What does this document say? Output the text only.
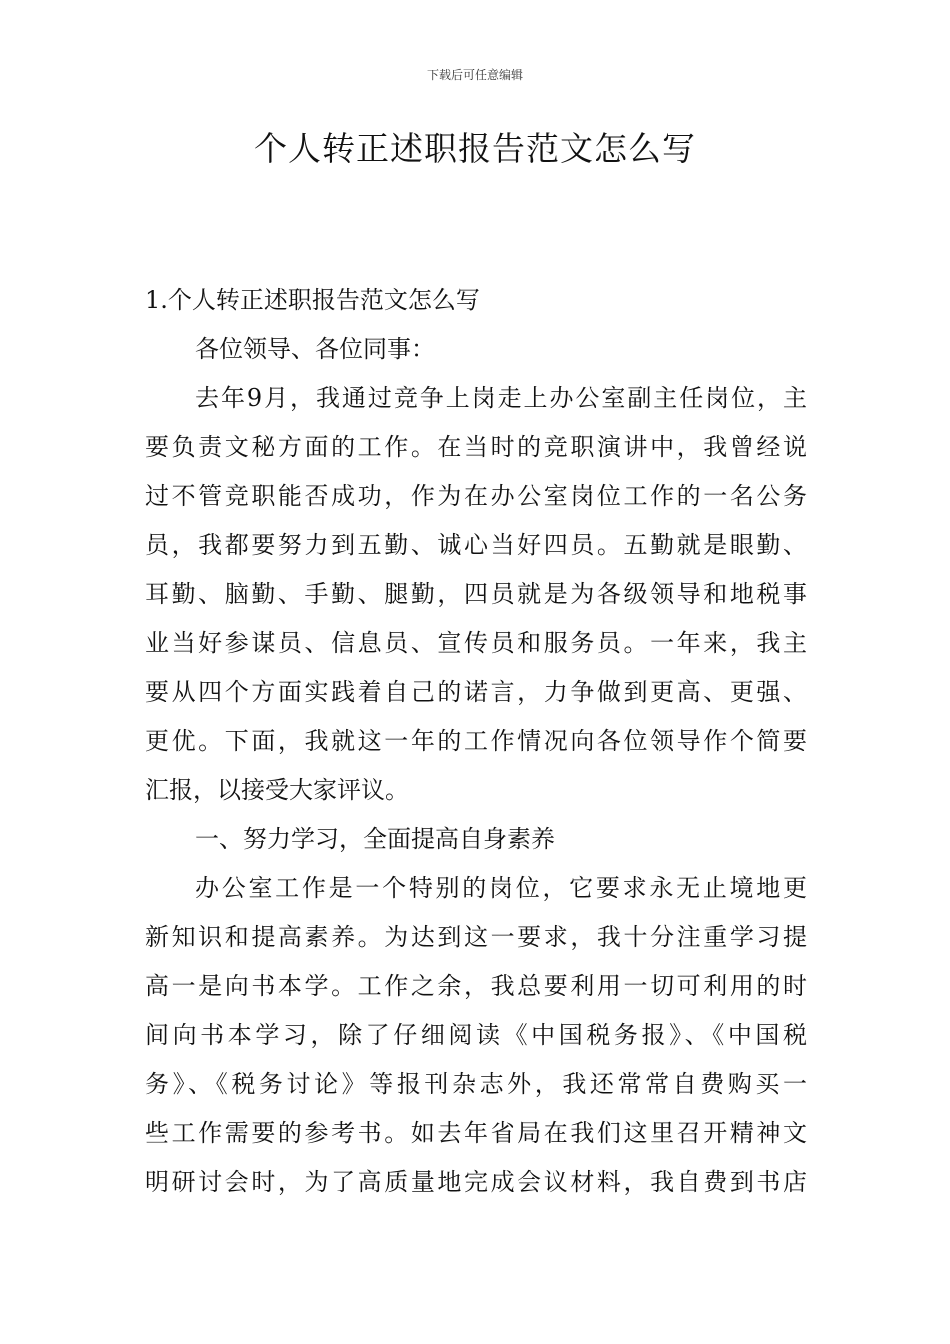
下载后可任意编辑
个人转正述职报告范文怎么写
1.个人转正述职报告范文怎么写
各位领导、各位同事：
去年9月，我通过竞争上岗走上办公室副主任岗位，主
要负责文秘方面的工作。在当时的竞职演讲中，我曾经说
过不管竞职能否成功，作为在办公室岗位工作的一名公务
员，我都要努力到五勤、诚心当好四员。五勤就是眼勤、
耳勤、脑勤、手勤、腿勤，四员就是为各级领导和地税事
业当好参谋员、信息员、宣传员和服务员。一年来，我主
要从四个方面实践着自己的诺言，力争做到更高、更强、
更优。下面，我就这一年的工作情况向各位领导作个简要
汇报，以接受大家评议。
一、努力学习，全面提高自身素养
办公室工作是一个特别的岗位，它要求永无止境地更
新知识和提高素养。为达到这一要求，我十分注重学习提
高一是向书本学。工作之余，我总要利用一切可利用的时
间向书本学习，除了仔细阅读《中国税务报》、《中国税
务》、《税务讨论》等报刊杂志外，我还常常自费购买一
些工作需要的参考书。如去年省局在我们这里召开精神文
明研讨会时，为了高质量地完成会议材料，我自费到书店
